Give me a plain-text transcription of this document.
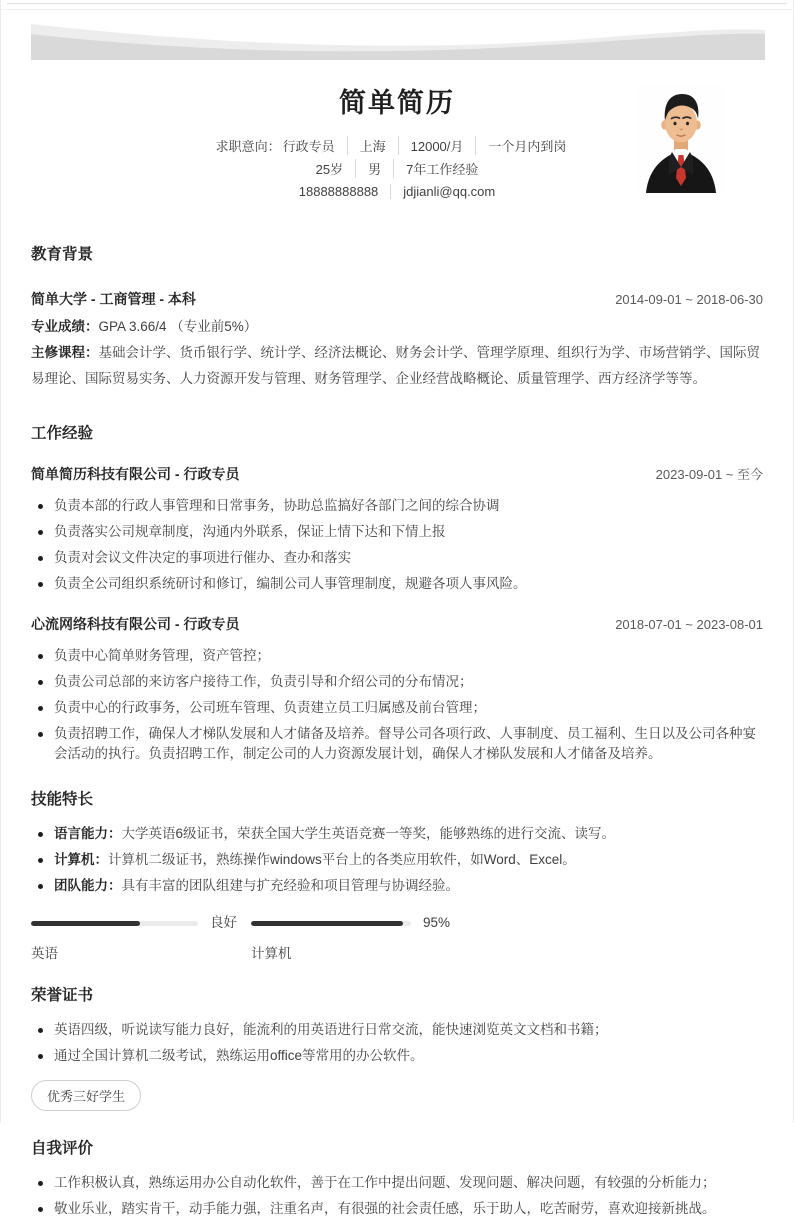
简单简历
求职意向： 行政专员	上海	12000/月	一个月内到岗
25岁	男	7年工作经验
18888888888	jdjianli@qq.com
教育背景
简单大学 - 工商管理 - 本科	2014-09-01 ~ 2018-06-30
专业成绩：GPA 3.66/4 （专业前5%）
主修课程：基础会计学、货币银行学、统计学、经济法概论、财务会计学、管理学原理、组织行为学、市场营销学、国际贸易理论、国际贸易实务、人力资源开发与管理、财务管理学、企业经营战略概论、质量管理学、西方经济学等等。
工作经验
简单简历科技有限公司 - 行政专员	2023-09-01 ~ 至今
负责本部的行政人事管理和日常事务，协助总监搞好各部门之间的综合协调
负责落实公司规章制度，沟通内外联系，保证上情下达和下情上报
负责对会议文件决定的事项进行催办、查办和落实
负责全公司组织系统研讨和修订，编制公司人事管理制度，规避各项人事风险。
心流网络科技有限公司 - 行政专员	2018-07-01 ~ 2023-08-01
负责中心简单财务管理，资产管控；
负责公司总部的来访客户接待工作，负责引导和介绍公司的分布情况；
负责中心的行政事务，公司班车管理、负责建立员工归属感及前台管理；
负责招聘工作，确保人才梯队发展和人才储备及培养。督导公司各项行政、人事制度、员工福利、生日以及公司各种宴会活动的执行。负责招聘工作，制定公司的人力资源发展计划，确保人才梯队发展和人才储备及培养。
技能特长
语言能力：大学英语6级证书，荣获全国大学生英语竞赛一等奖，能够熟练的进行交流、读写。
计算机：计算机二级证书，熟练操作windows平台上的各类应用软件，如Word、Excel。
团队能力：具有丰富的团队组建与扩充经验和项目管理与协调经验。
良好
英语
95%
计算机
荣誉证书
英语四级，听说读写能力良好，能流利的用英语进行日常交流，能快速浏览英文文档和书籍；
通过全国计算机二级考试，熟练运用office等常用的办公软件。
优秀三好学生
自我评价
工作积极认真，熟练运用办公自动化软件，善于在工作中提出问题、发现问题、解决问题，有较强的分析能力；
敬业乐业，踏实肯干，动手能力强，注重名声，有很强的社会责任感，乐于助人，吃苦耐劳，喜欢迎接新挑战。
